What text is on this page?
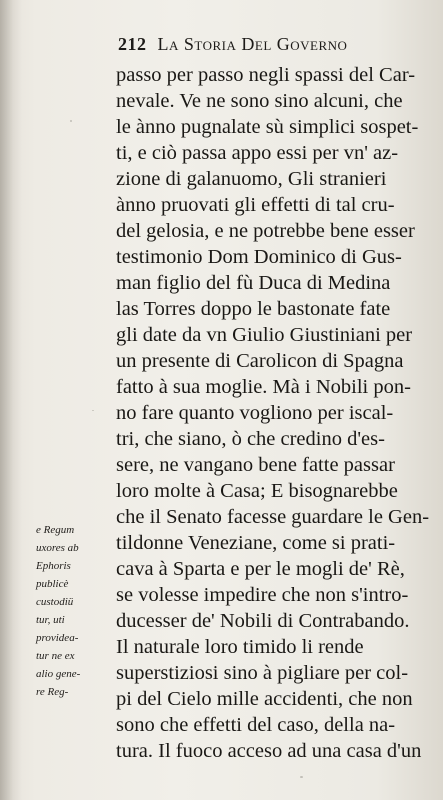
212 La Storia Del Governo
passo per passo negli spassi del Car-
nevale. Ve ne sono sino alcuni, che
le ànno pugnalate sù simplici sospet-
ti, e ciò passa appo essi per vn' az-
zione di galanuomo, Gli stranieri
ànno pruovati gli effetti di tal cru-
del gelosia, e ne potrebbe bene esser
testimonio Dom Dominico di Gus-
man figlio del fù Duca di Medina
las Torres doppo le bastonate fate
gli date da vn Giulio Giustiniani per
un presente di Carolicon di Spagna
fatto à sua moglie. Mà i Nobili pon-
no fare quanto vogliono per iscal-
tri, che siano, ò che credino d'es-
sere, ne vangano bene fatte passar
loro molte à Casa; E bisognarebbe
che il Senato facesse guardare le Gen-
tildonne Veneziane, come si prati-
cava à Sparta e per le mogli de' Rè,
se volesse impedire che non s'intro-
ducesser de' Nobili di Contrabando.
Il naturale loro timido li rende
superstiziosi sino à pigliare per col-
pi del Cielo mille accidenti, che non
sono che effetti del caso, della na-
tura. Il fuoco acceso ad una casa d'un
e Regum
uxores ab
Ephoris
publicè
custodiü
tur, uti
providea-
tur ne ex
alio gene-
re Reg-
